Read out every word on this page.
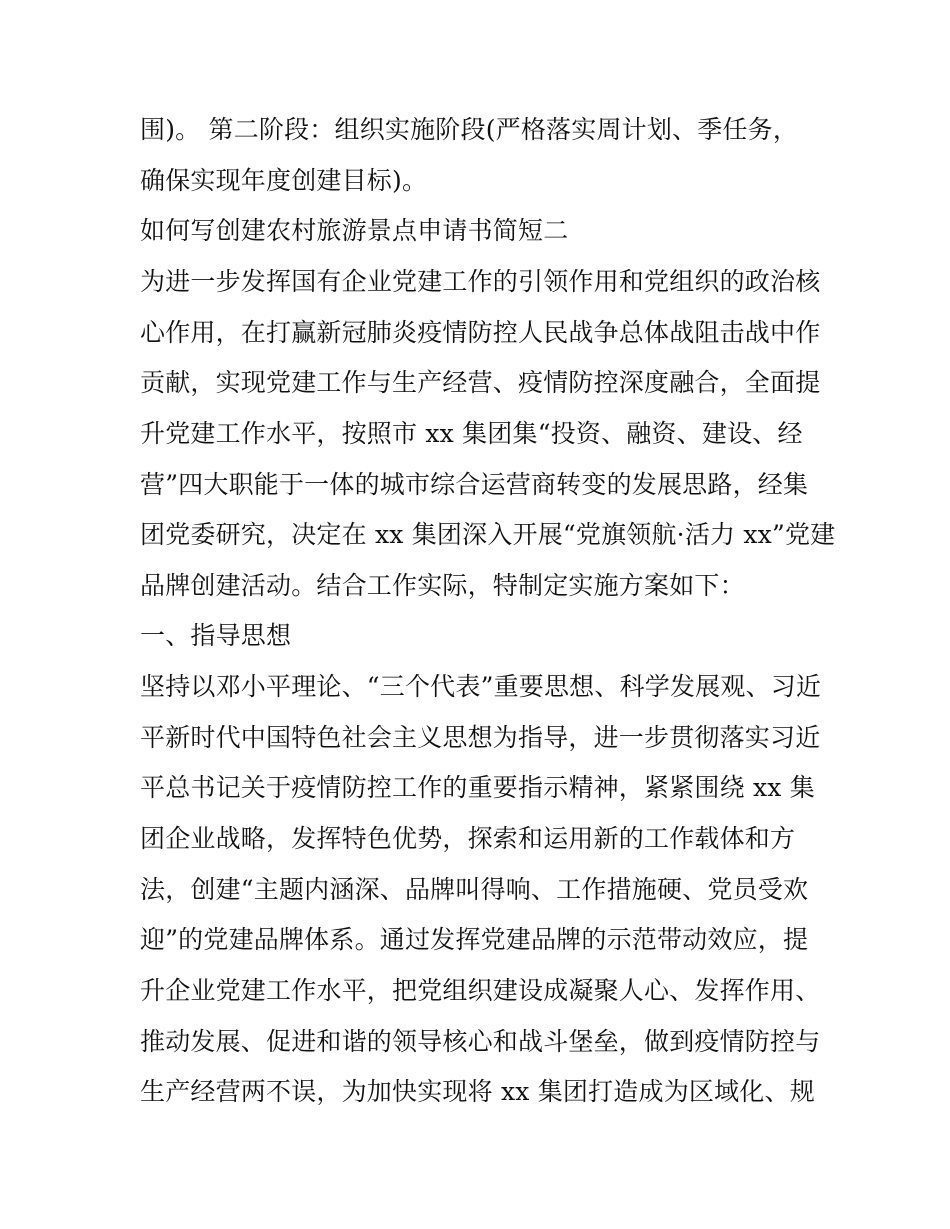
围)。 第二阶段：组织实施阶段(严格落实周计划、季任务，
确保实现年度创建目标)。
如何写创建农村旅游景点申请书简短二
为进一步发挥国有企业党建工作的引领作用和党组织的政治核
心作用，在打赢新冠肺炎疫情防控人民战争总体战阻击战中作
贡献，实现党建工作与生产经营、疫情防控深度融合，全面提
升党建工作水平，按照市 xx 集团集“投资、融资、建设、经
营”四大职能于一体的城市综合运营商转变的发展思路，经集
团党委研究，决定在 xx 集团深入开展“党旗领航·活力 xx”党建
品牌创建活动。结合工作实际，特制定实施方案如下：
一、指导思想
坚持以邓小平理论、“三个代表”重要思想、科学发展观、习近
平新时代中国特色社会主义思想为指导，进一步贯彻落实习近
平总书记关于疫情防控工作的重要指示精神，紧紧围绕 xx 集
团企业战略，发挥特色优势，探索和运用新的工作载体和方
法，创建“主题内涵深、品牌叫得响、工作措施硬、党员受欢
迎”的党建品牌体系。通过发挥党建品牌的示范带动效应，提
升企业党建工作水平，把党组织建设成凝聚人心、发挥作用、
推动发展、促进和谐的领导核心和战斗堡垒，做到疫情防控与
生产经营两不误，为加快实现将 xx 集团打造成为区域化、规
